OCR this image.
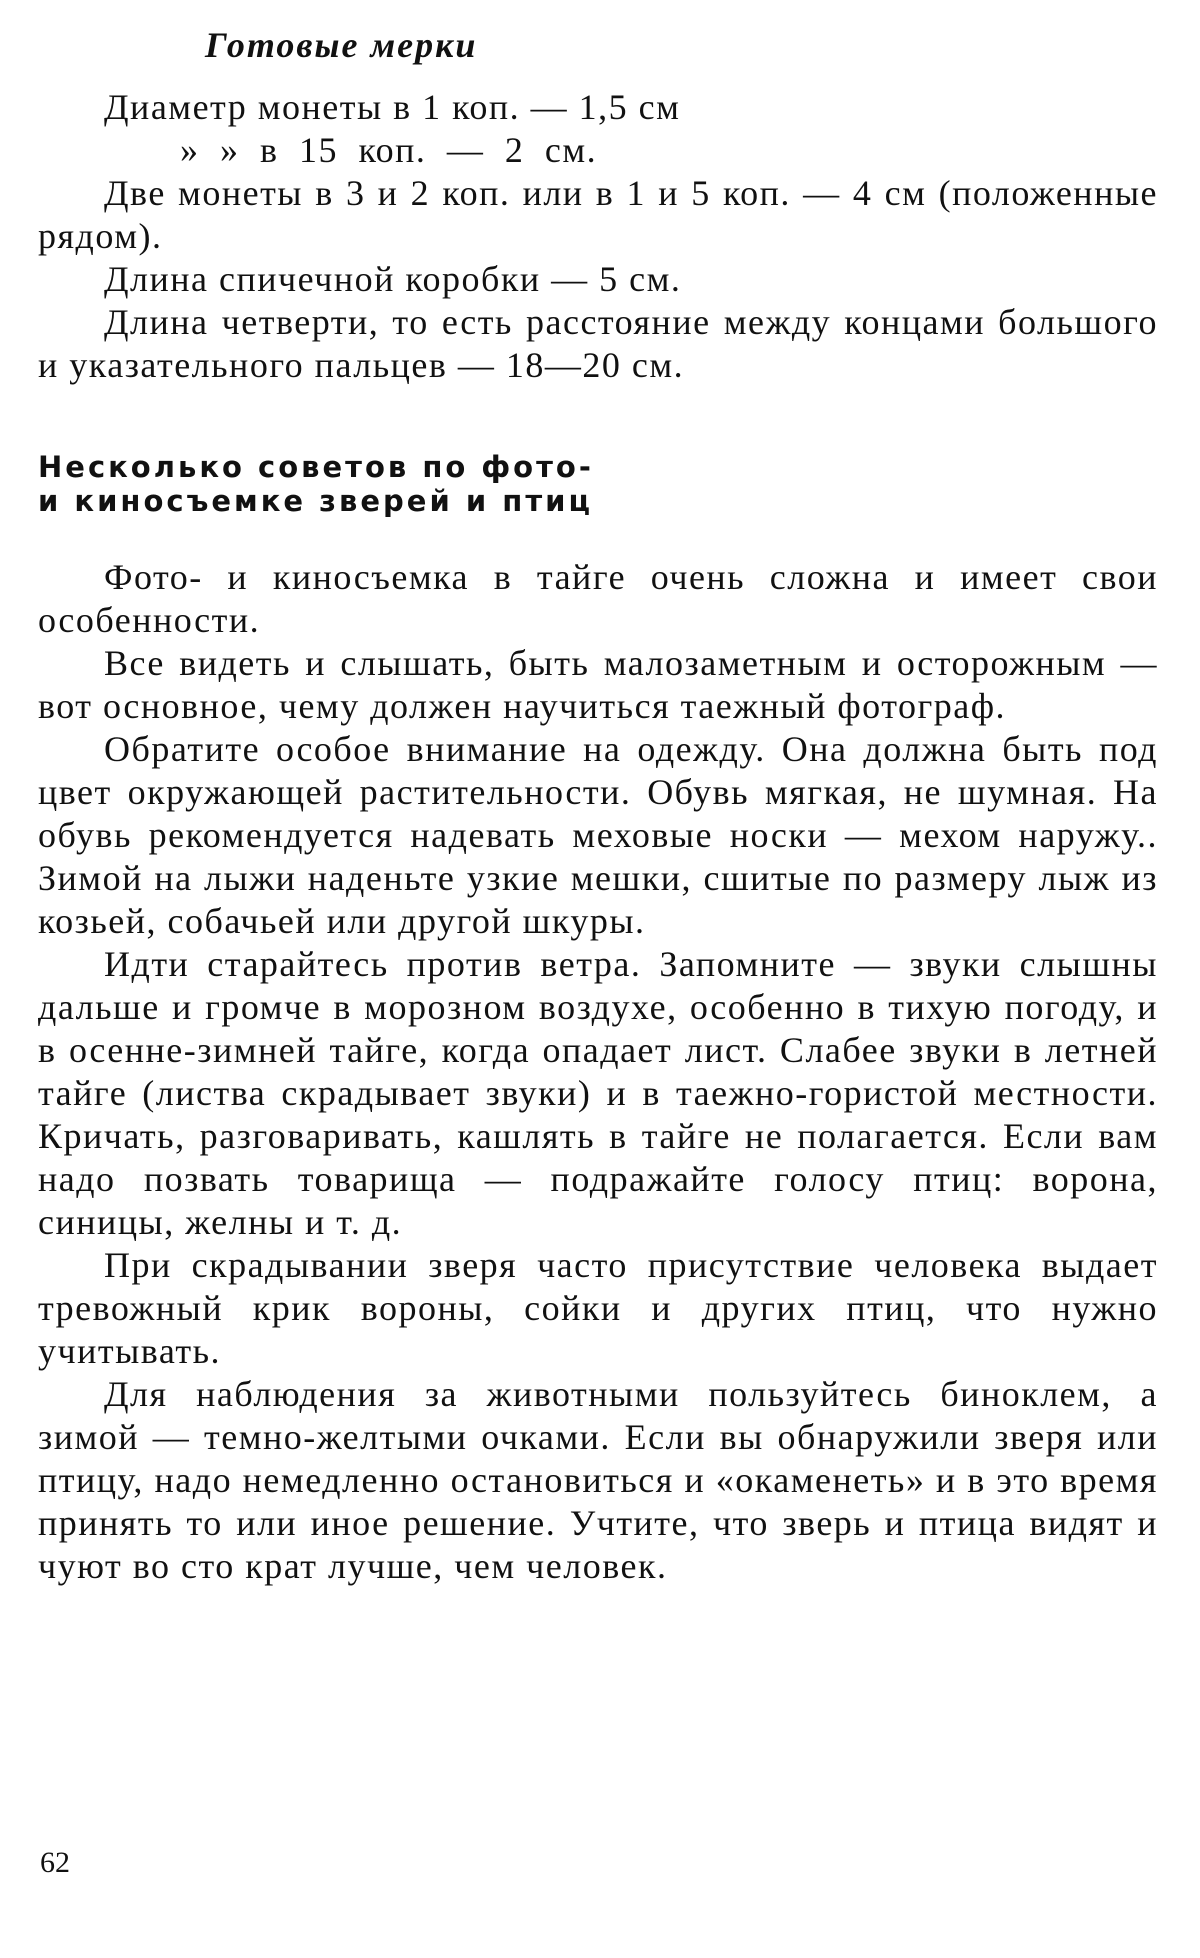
Готовые мерки

Диаметр монеты в 1 коп. — 1,5 см

» » в 15 коп. — 2 см.

Две монеты в 3 и 2 коп. или в 1 и 5 коп. — 4 см (положенные рядом).

Длина спичечной коробки — 5 см.

Длина четверти, то есть расстояние между концами большого и указательного пальцев — 18—20 см.

Несколько советов по фото-
и киносъемке зверей и птиц

Фото- и киносъемка в тайге очень сложна и имеет свои особенности.

Все видеть и слышать, быть малозаметным и осторожным — вот основное, чему должен научиться таежный фотограф.

Обратите особое внимание на одежду. Она должна быть под цвет окружающей растительности. Обувь мягкая, не шумная. На обувь рекомендуется надевать меховые носки — мехом наружу.. Зимой на лыжи наденьте узкие мешки, сшитые по размеру лыж из козьей, собачьей или другой шкуры.

Идти старайтесь против ветра. Запомните — звуки слышны дальше и громче в морозном воздухе, особенно в тихую погоду, и в осенне-зимней тайге, когда опадает лист. Слабее звуки в летней тайге (листва скрадывает звуки) и в таежно-гористой местности. Кричать, разговаривать, кашлять в тайге не полагается. Если вам надо позвать товарища — подражайте голосу птиц: ворона, синицы, желны и т. д.

При скрадывании зверя часто присутствие человека выдает тревожный крик вороны, сойки и других птиц, что нужно учитывать.

Для наблюдения за животными пользуйтесь биноклем, а зимой — темно-желтыми очками. Если вы обнаружили зверя или птицу, надо немедленно остановиться и «окаменеть» и в это время принять то или иное решение. Учтите, что зверь и птица видят и чуют во сто крат лучше, чем человек.

62
